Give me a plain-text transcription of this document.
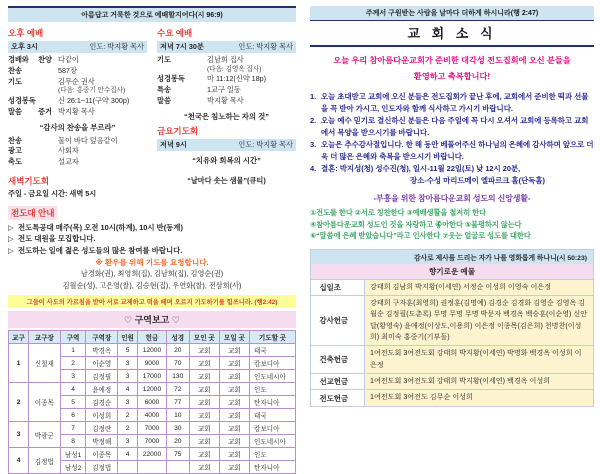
아름답고 거룩한 것으로 예배할지어다(시 96:9)
오후 예배
오후 3시	인도: 박지황 목사
경배와 찬양 다같이
찬송	587장
기도	김무순 권사
(다음: 홍중기 안수집사)
성경봉독	신 26:1~11(구약 300p)
말씀 증거 박지황 목사
“감사의 찬송을 부르라”
찬송	물이 바다 덮음같이
광고	사회자
축도	설교자
새벽기도회
주일 - 금요일 시간: 새벽 5시
수요 예배
저녁 7시 30분	인도: 박지황 목사
기도	김남희 집사
(다음: 김영옥 집사)
성경봉독	마 11:12(신약 18p)
특송	1교구 일동
말씀	박지황 목사
“천국은 침노하는 자의 것”
금요기도회
저녁 9시	인도: 박지황 목사
“치유와 회복의 시간”
“날마다 솟는 샘물”(큐티)
전도대 안내
▷ 전도특공대 매주(목) 오전 10시(하계), 10시 반(동계)
▷ 전도 대원을 모집합니다.
▷ 전도하는 일에 젊은 성도들의 많은 참여를 바랍니다.
※ 환우를 위해 기도를 요청합니다.
남경화(권), 최영희(집), 김남희(집), 김영순(권)
김월순(성), 고은영(찰), 김승현(집), 우연화(찰), 전삼희(사)
그들이 사도의 가르침을 받아 서로 교제하고 떡을 떼며 오르지 기도하기를 힘쓰니라. (행2:42)
♡ 구역보고 ♡
교구	교구장	구역	구역장	인원	헌금	성경	모인 곳	모일 곳	기도할 곳
1	신철재	1	박경옥	5	12000	20	교회	교회	태국
		2	이순영	3	9000	70	교회	교회	캄보디아
		3	김정필	3	17000	130	교회	교회	인도네시아
2	이종목	4	윤예정	4	12000	72	교회	교회	인도
		5	김경순	3	6000	77	교회	교회	탄자니아
		6	이성희	2	4000	10	교회	교회	태국
3	박광군	7	김정란	2	7000	30	교회	교회	캄보디아
		8	박정해	3	7000	20	교회	교회	인도네시아
4	김정법	남성1	이종목	4	22000	75	교회	교회	인도
		남성2	김정법				교회	교회	탄자니아
주께서 구원받는 사람을 날마다 더하게 하시니라(행 2:47)
교 회 소 식
오늘 우리 참아름다운교회가 준비한 대각성 전도집회에 오신 분들을
환영하고 축복합니다!
1. 오늘 초대받고 교회에 오신 분들은 전도집회가 끝난 후에, 교회에서 준비한 떡과 선물을 꼭 받아 가시고, 인도자와 함께 식사하고 가시기 바랍니다.
2. 오늘 예수 믿기로 결신하신 분들은 다음 주일에 꼭 다시 오셔서 교회에 등록하고 교회에서 목양을 받으시기를 바랍니다.
3. 오늘은 추수감사절입니다. 한 해 동안 베풀어주신 하나님의 은혜에 감사하며 앞으로 더욱 더 많은 은혜와 축복을 받으시기 바랍니다.
4. 결혼: 박지성(청) 성수진(청), 일시-11월 22일(토) 낮 12시 20분,
장소-수성 마리드메이 엘파르크 홀(단독홀)
-부흥을 위한 참아름다운교회 성도의 신앙생활-
①전도를 한다 ②서로 칭찬한다 ③예배생활을 철저히 한다
④참아름다운교회 성도인 것을 자랑하고 좋아한다 ⑤불평하지 않는다
⑥“말씀에 은혜 받았습니다”라고 인사한다 ⑦웃는 얼굴로 성도를 대한다
감사로 제사를 드리는 자가 나를 영화롭게 하나니(시 50:23)
향기로운 예물
십일조	강태희 김남희 박지황(이세연) 서정순 이성희 이영숙 이은정
감사헌금
강태희 구자훈(최영희) 권정훈(김명예) 김경순 김경화 김영순 김영옥 김월순 김정필(도춘록) 무명 무명 무명 박문자 백경옥 백승훈(이순영) 신안달(황영숙) 윤애정(이상도,이용희) 이은정 이종목(김은희) 천명찬(이성희) 최미숙 홍중기(기부돌)
건축헌금
1여전도회 3여전도회 강태희 박지황(이세연) 박명화 백경옥 이성희 이은정
선교헌금	1여전도회 3여전도회 강태희 박지황(이세연) 백경옥 이성희
전도헌금	1여전도회 3여전도 김무순 이성희
